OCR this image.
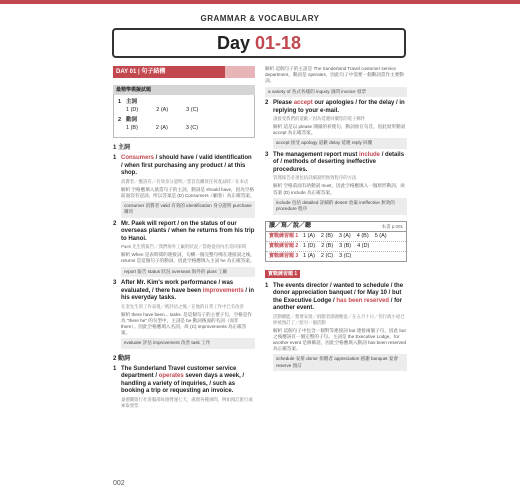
GRAMMAR & VOCABULARY
Day 01-18
DAY 01 | 句子結構
最精準模擬試題
1 主詞
1 (D)	2 (A)	3 (C)
2 動詞
1 (B)	2 (A)	3 (C)
1 主詞
1 Consumers / should have / valid identification / when first purchasing any product / at this shop.
消費者／應該有／有效身分證明／當首次購買任何產品時／在本店
解析 空格應填入欲當句子的主詞，動詞是 should have，因為空格前面沒有冠詞，所以答案是 (D) Consumers（顧客）為正確答案。
consumer 消費者 valid 有效的 identification 身分證明 purchase 購買
2 Mr. Paek will report / on the status of our overseas plants / when he returns from his trip to Hanoi.
Paek 先生將報告／我們海外工廠的狀況／當他從河內出差回來時
解析 When 是表時間的連接詞，句構一個完整句嗎在連接詞之後，returns 是這個句子的動詞，因此空格應填入主詞 he 為正確答案。
report 報告 status 狀況 overseas 海外的 plant 工廠
3 After Mr. Kim's work performance / was evaluated, / there have been improvements / in his everyday tasks.
在金先生的工作表現／被評估之後／在他的日常工作中已有改善
解析 there have been... tasks. 是這個句子的主要子句，空格是作為 "there be" 的句型中，主詞是 be 動詞後面的名詞（而非 there）。因此空格應填入名詞，故 (C) improvements 為正確答案。
evaluate 評估 improvement 改善 task 工作
2 動詞
1 The Sunderland Travel customer service department / operates seven days a week, / handling a variety of inquiries, / such as booking a trip or requesting an invoice.
桑德蘭旅行社客服部每週營運七天，處理各種詢問，例如預訂旅行或索取發票
解析 這個句子的主語是 The Sunderland Travel customer service department，動詞是 operates，因此句子中需要一個動詞當作主要動詞。
a variety of 各式各樣的 inquiry 詢問 invoice 發票
2 Please accept our apologies / for the delay / in replying to your e-mail.
請接受我們的道歉／因為延遲回覆您的電子郵件
解析 這是以 please 開頭的祈使句，動詞放在句首，因此原形動詞 accept 為正確答案。
accept 接受 apology 道歉 delay 延遲 reply 回覆
3 The management report must include / details of / methods of deserting ineffective procedures.
管理報告必須包括詳細說明無效程序的方法
解析 空格前面有助動詞 must，因此空格應填入一個原形動詞，故答案 (D) include 為正確答案。
include 包括 detailed 詳細的 desert 放棄 ineffective 無效的 procedure 程序
讀／寫／說／聽	本書 p.001
實戰練習題 1 1 (A) 2 (B) 3 (A) 4 (B) 5 (A)
實戰練習題 2 1 (D) 2 (B) 3 (B) 4 (D)
實戰練習題 3 1 (A) 2 (C) 3 (C)
實戰練習題 1
1 The events director / wanted to schedule / the donor appreciation banquet / for May 10 / but the Executive Lodge / has been reserved / for another event.
活動總監／想要安排／捐贈者感謝晚宴／在五月十日／但行政小屋已經被預訂了／給另一個活動
解析 這個句子中包含一個對等連接詞 but 連接兩個子句，因此 but 之後應該有一個完整的子句。主詞是 the Executive Lodge，for another event 是修飾語，因此空格應填入動詞 has been reserved 為正確答案。
schedule 安排 donor 捐贈者 appreciation 感謝 banquet 宴會 reserve 預訂
002
